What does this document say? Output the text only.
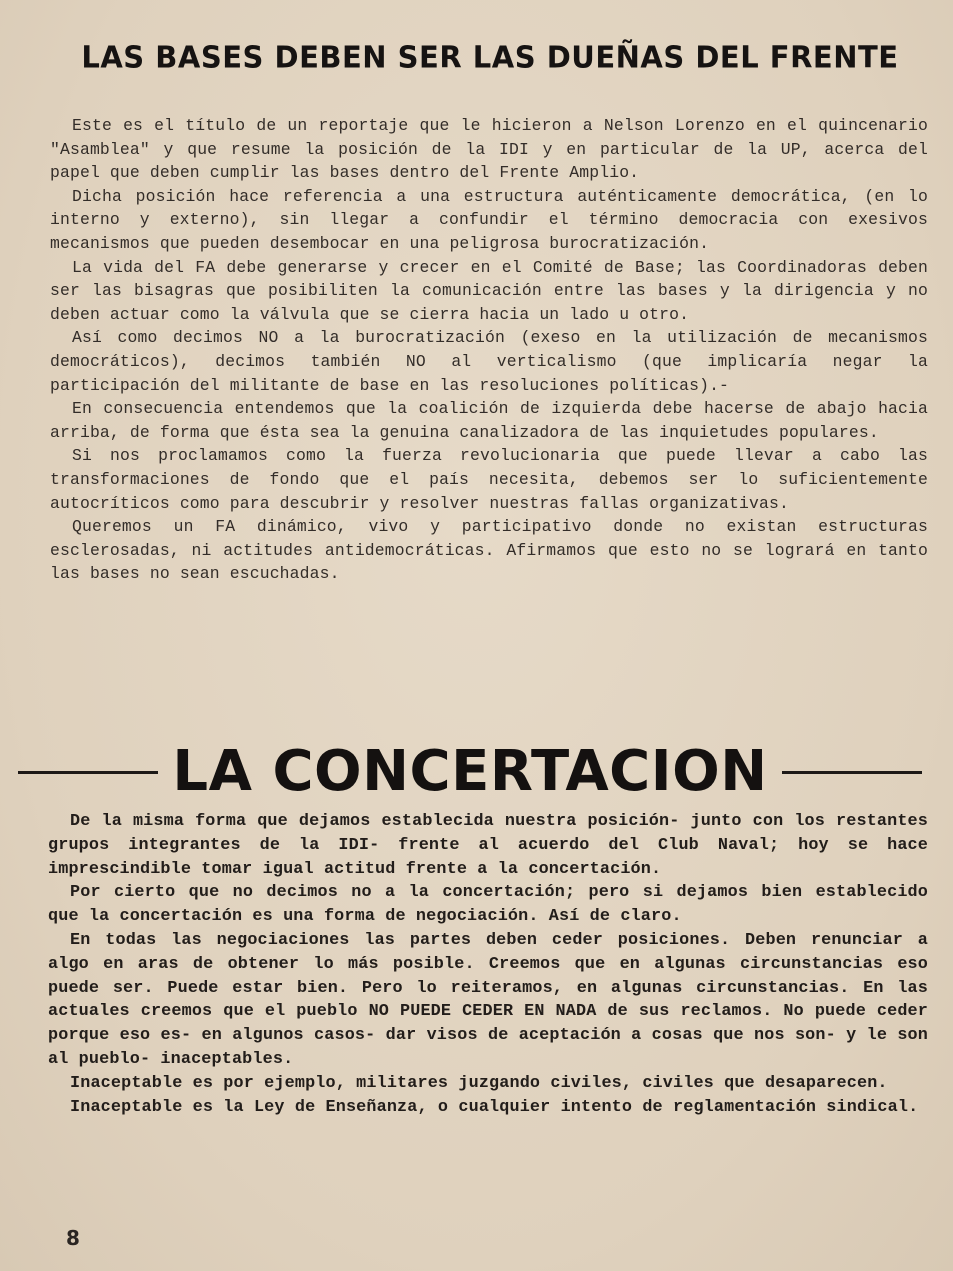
LAS BASES DEBEN SER LAS DUEÑAS DEL FRENTE

Este es el título de un reportaje que le hicieron a Nelson Lorenzo en el quincenario "Asamblea" y que resume la posición de la IDI y en particular de la UP, acerca del papel que deben cumplir las bases dentro del Frente Amplio.

Dicha posición hace referencia a una estructura auténticamente democrática, (en lo interno y externo), sin llegar a confundir el término democracia con exesivos mecanismos que pueden desembocar en una peligrosa burocratización.

La vida del FA debe generarse y crecer en el Comité de Base; las Coordinadoras deben ser las bisagras que posibiliten la comunicación entre las bases y la dirigencia y no deben actuar como la válvula que se cierra hacia un lado u otro.

Así como decimos NO a la burocratización (exeso en la utilización de mecanismos democráticos), decimos también NO al verticalismo (que implicaría negar la participación del militante de base en las resoluciones políticas).-

En consecuencia entendemos que la coalición de izquierda debe hacerse de abajo hacia arriba, de forma que ésta sea la genuina canalizadora de las inquietudes populares.

Si nos proclamamos como la fuerza revolucionaria que puede llevar a cabo las transformaciones de fondo que el país necesita, debemos ser lo suficientemente autocríticos como para descubrir y resolver nuestras fallas organizativas.

Queremos un FA dinámico, vivo y participativo donde no existan estructuras esclerosadas, ni actitudes antidemocráticas. Afirmamos que esto no se logrará en tanto las bases no sean escuchadas.

LA CONCERTACION

De la misma forma que dejamos establecida nuestra posición- junto con los restantes grupos integrantes de la IDI- frente al acuerdo del Club Naval; hoy se hace imprescindible tomar igual actitud frente a la concertación.

Por cierto que no decimos no a la concertación; pero si dejamos bien establecido que la concertación es una forma de negociación. Así de claro.

En todas las negociaciones las partes deben ceder posiciones. Deben renunciar a algo en aras de obtener lo más posible. Creemos que en algunas circunstancias eso puede ser. Puede estar bien. Pero lo reiteramos, en algunas circunstancias. En las actuales creemos que el pueblo NO PUEDE CEDER EN NADA de sus reclamos. No puede ceder porque eso es- en algunos casos- dar visos de aceptación a cosas que nos son- y le son al pueblo- inaceptables.

Inaceptable es por ejemplo, militares juzgando civiles, civiles que desaparecen.

Inaceptable es la Ley de Enseñanza, o cualquier intento de reglamentación sindical.

8
